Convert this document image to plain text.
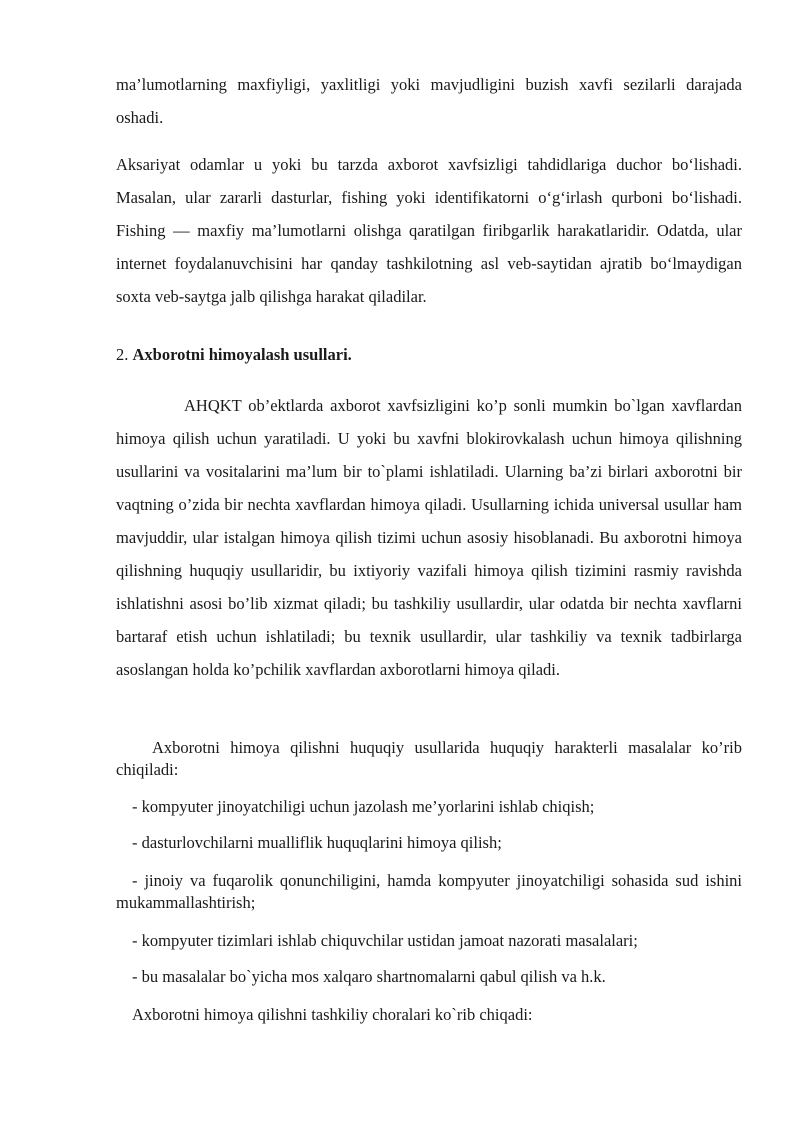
ma’lumotlarning maxfiyligi, yaxlitligi yoki mavjudligini buzish xavfi sezilarli darajada oshadi.

Aksariyat odamlar u yoki bu tarzda axborot xavfsizligi tahdidlariga duchor bo‘lishadi. Masalan, ular zararli dasturlar, fishing yoki identifikatorni o‘g‘irlash qurboni bo‘lishadi. Fishing — maxfiy ma’lumotlarni olishga qaratilgan firibgarlik harakatlaridir. Odatda, ular internet foydalanuvchisini har qanday tashkilotning asl veb-saytidan ajratib bo‘lmaydigan soxta veb-saytga jalb qilishga harakat qiladilar.

2. Axborotni himoyalash usullari.

AHQKT ob’ektlarda axborot xavfsizligini ko’p sonli mumkin bo`lgan xavflardan himoya qilish uchun yaratiladi. U yoki bu xavfni blokirovkalash uchun himoya qilishning usullarini va vositalarini ma’lum bir to`plami ishlatiladi. Ularning ba’zi birlari axborotni bir vaqtning o’zida bir nechta xavflardan himoya qiladi. Usullarning ichida universal usullar ham mavjuddir, ular istalgan himoya qilish tizimi uchun asosiy hisoblanadi. Bu axborotni himoya qilishning huquqiy usullaridir, bu ixtiyoriy vazifali himoya qilish tizimini rasmiy ravishda ishlatishni asosi bo’lib xizmat qiladi; bu tashkiliy usullardir, ular odatda bir nechta xavflarni bartaraf etish uchun ishlatiladi; bu texnik usullardir, ular tashkiliy va texnik tadbirlarga asoslangan holda ko’pchilik xavflardan axborotlarni himoya qiladi.

Axborotni himoya qilishni huquqiy usullarida huquqiy harakterli masalalar ko’rib chiqiladi:

- kompyuter jinoyatchiligi uchun jazolash me’yorlarini ishlab chiqish;

- dasturlovchilarni mualliflik huquqlarini himoya qilish;

- jinoiy va fuqarolik qonunchiligini, hamda kompyuter jinoyatchiligi sohasida sud ishini mukammallashtirish;

- kompyuter tizimlari ishlab chiquvchilar ustidan jamoat nazorati masalalari;

- bu masalalar bo`yicha mos xalqaro shartnomalarni qabul qilish va h.k.

Axborotni himoya qilishni tashkiliy choralari ko`rib chiqadi:
